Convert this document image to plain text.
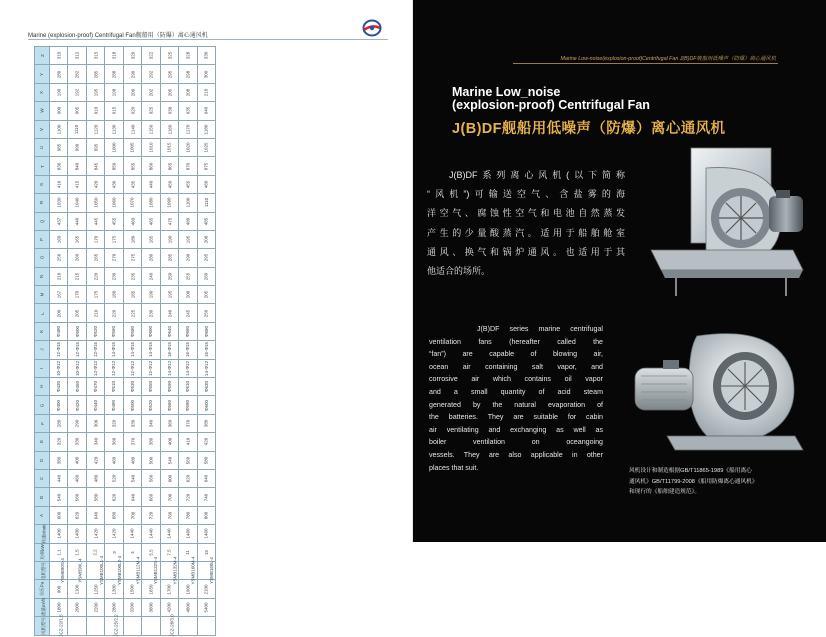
Marine (explosion-proof) Centrifugal Fan舰船用（防爆）离心通风机
Z	310	312	315	318	320	322	325	328	330
Y	280	282	285	288	290	292	295	298	300
X	190	192	195	198	200	202	205	208	210
W	900	905	910	915	920	925	930	935	940
V	1100	1110	1120	1130	1140	1150	1160	1170	1180
U	985	990	995	1000	1005	1010	1015	1020	1025
T	836	840	845	850	855	860	865	870	875
S	410	415	420	430	435	440	450	455	460
R	1030	1040	1050	1060	1070	1080	1090	1100	1110
Q	437	440	445	455	460	465	475	480	485
P	160	165	170	175	180	185	190	195	200
O	256	260	265	270	275	280	285	290	295
N	210	215	220	230	235	240	250	255	260
M	167	170	175	180	185	190	195	200	205
L	200	205	210	220	225	230	240	245	250
K	Φ480	Φ500	Φ520	Φ560	Φ580	Φ600	Φ640	Φ660	Φ680
J	12-Φ15	12-Φ15	12-Φ15	14-Φ15	14-Φ15	14-Φ15	16-Φ15	16-Φ15	16-Φ15
I	10-Φ12	10-Φ12	12-Φ12	12-Φ12	12-Φ12	12-Φ12	14-Φ12	14-Φ12	14-Φ12
H	Φ430	Φ450	Φ470	Φ510	Φ530	Φ550	Φ590	Φ610	Φ630
G	Φ400	Φ420	Φ440	Φ480	Φ500	Φ520	Φ560	Φ580	Φ600
F	280	290	300	320	330	340	360	370	380
E	320	330	340	360	370	380	400	410	420
D	380	400	420	460	480	500	540	560	580
C	440	460	480	520	540	560	600	620	640
B	540	560	580	620	640	660	700	720	740
A	600	620	640	680	700	720	760	780	800
转速r/min	1400	1400	1420	1420	1440	1440	1440	1460	1460
功率kW	1.1	1.5	2.2	3	4	5.5	7.5	11	15
电机型号	YSMB90S-4	YSMB90L-4	YSMB100L1-4	YSMB100L2-4	YSMB112M-4	YSMB132S-4	YSMB132M-4	YSMB160M-4	YSMB160L-4
全压Pa	900	1100	1250	1300	1500	1650	1700	1900	2100
流量m³/h	1800	2000	2200	2800	3200	3600	4200	4800	5400
风机型号	JCZ-22/1.5			JCZ-25/2.2			JCZ-28/3.0		
Marine Low-noise(explosion-proof)Centrifugal Fan J(B)DF舰船用低噪声（防爆）离心通风机
Marine Low_noise
(explosion-proof) Centrifugal Fan
J(B)DF舰船用低噪声（防爆）离心通风机

J(B)DF系列离心风机(以下简称

“风机”)可输送空气、含盐雾的海

洋空气、腐蚀性空气和电池自然蒸发

产生的少量酸蒸汽。适用于船舶舱室

通风、换气和锅炉通风。也适用于其

他适合的场所。

J(B)DF series marine centrifugal

ventilation fans (hereafter called the

“fan”) are capable of blowing air,

ocean air containing salt vapor, and

corrosive air which contains oil vapor

and a small quantity of acid steam

generated by the natural evaporation of

the batteries. They are suitable for cabin

air ventilating and exchanging as well as

boiler ventilation on oceangoing

vessels. They are also applicable in other

places that suit.	风机设计和制造根据GB/T11865-1989《船用离心

通风机》GB/T11799-2008《船用防爆离心通风机》

和现行的《船舶建造规范》。
